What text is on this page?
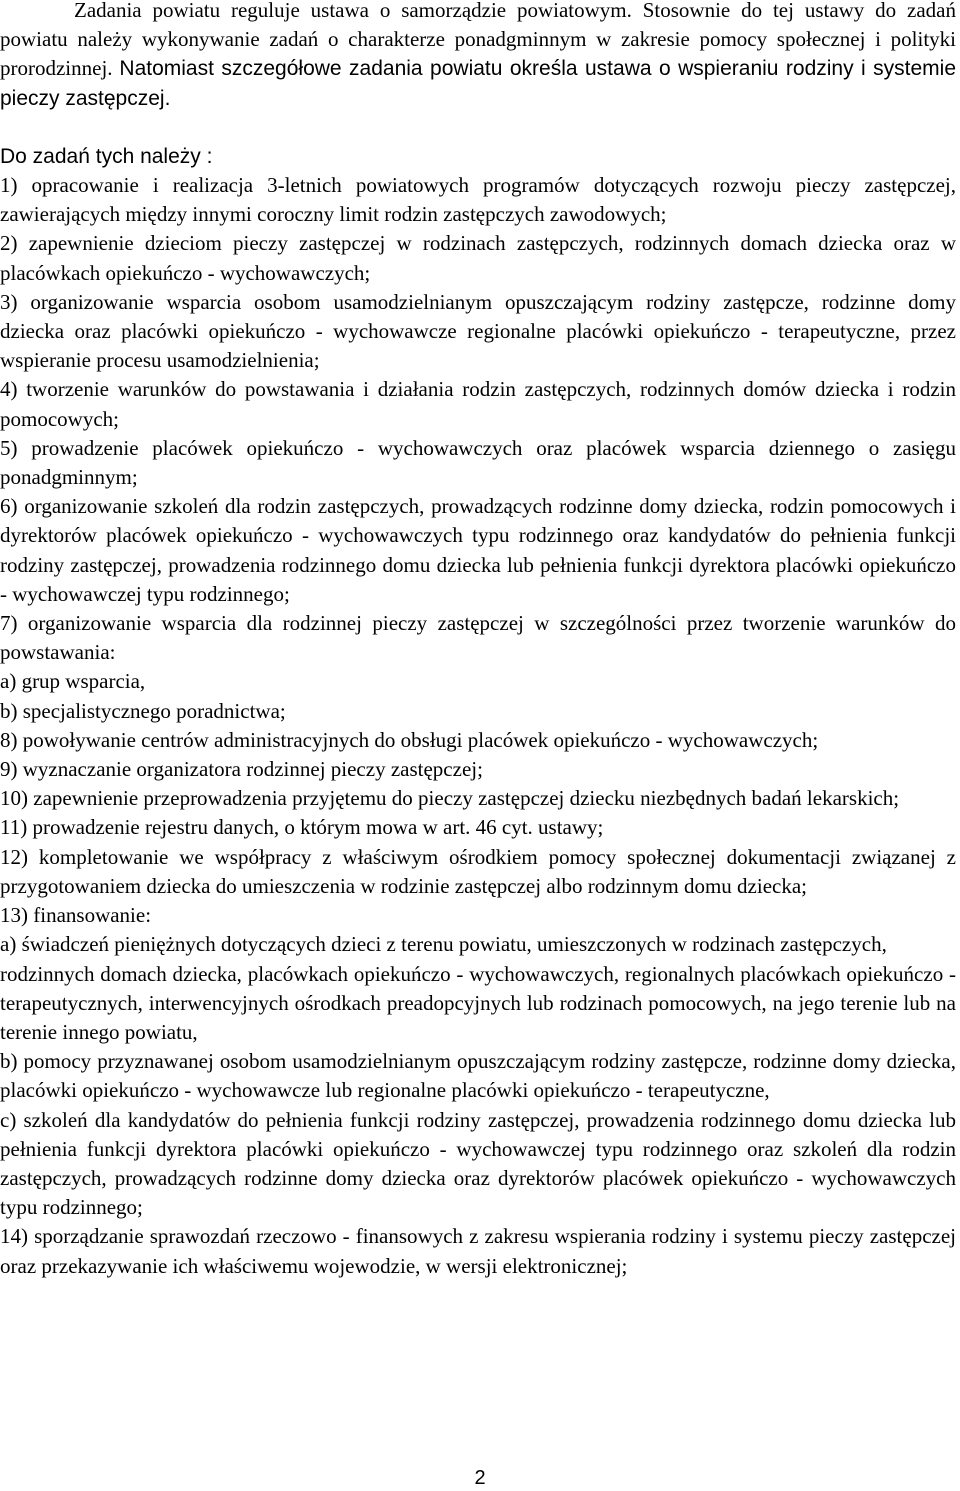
Zadania powiatu reguluje ustawa o samorządzie powiatowym. Stosownie do tej ustawy do zadań powiatu należy wykonywanie zadań o charakterze ponadgminnym w zakresie pomocy społecznej i polityki prorodzinnej. Natomiast szczegółowe zadania powiatu określa ustawa o wspieraniu rodziny i systemie pieczy zastępczej.

Do zadań tych należy :

1) opracowanie i realizacja 3-letnich powiatowych programów dotyczących rozwoju pieczy zastępczej, zawierających między innymi coroczny limit rodzin zastępczych zawodowych;

2) zapewnienie dzieciom pieczy zastępczej w rodzinach zastępczych, rodzinnych domach dziecka oraz w placówkach opiekuńczo - wychowawczych;

3) organizowanie wsparcia osobom usamodzielnianym opuszczającym rodziny zastępcze, rodzinne domy dziecka oraz placówki opiekuńczo - wychowawcze regionalne placówki opiekuńczo - terapeutyczne, przez wspieranie procesu usamodzielnienia;

4) tworzenie warunków do powstawania i działania rodzin zastępczych, rodzinnych domów dziecka i rodzin pomocowych;

5) prowadzenie placówek opiekuńczo - wychowawczych oraz placówek wsparcia dziennego o zasięgu ponadgminnym;

6) organizowanie szkoleń dla rodzin zastępczych, prowadzących rodzinne domy dziecka, rodzin pomocowych i dyrektorów placówek opiekuńczo - wychowawczych typu rodzinnego oraz kandydatów do pełnienia funkcji rodziny zastępczej, prowadzenia rodzinnego domu dziecka lub pełnienia funkcji dyrektora placówki opiekuńczo - wychowawczej typu rodzinnego;

7) organizowanie wsparcia dla rodzinnej pieczy zastępczej w szczególności przez tworzenie warunków do powstawania:

a) grup wsparcia,

b) specjalistycznego poradnictwa;

8) powoływanie centrów administracyjnych do obsługi placówek opiekuńczo - wychowawczych;

9) wyznaczanie organizatora rodzinnej pieczy zastępczej;

10) zapewnienie przeprowadzenia przyjętemu do pieczy zastępczej dziecku niezbędnych badań lekarskich;

11) prowadzenie rejestru danych, o którym mowa w art. 46 cyt. ustawy;

12) kompletowanie we współpracy z właściwym ośrodkiem pomocy społecznej dokumentacji związanej z przygotowaniem dziecka do umieszczenia w rodzinie zastępczej albo rodzinnym domu dziecka;

13) finansowanie:

a) świadczeń pieniężnych dotyczących dzieci z terenu powiatu, umieszczonych w rodzinach zastępczych,

rodzinnych domach dziecka, placówkach opiekuńczo - wychowawczych, regionalnych placówkach opiekuńczo - terapeutycznych, interwencyjnych ośrodkach preadopcyjnych lub rodzinach pomocowych, na jego terenie lub na terenie innego powiatu,

b) pomocy przyznawanej osobom usamodzielnianym opuszczającym rodziny zastępcze, rodzinne domy dziecka, placówki opiekuńczo - wychowawcze lub regionalne placówki opiekuńczo - terapeutyczne,

c) szkoleń dla kandydatów do pełnienia funkcji rodziny zastępczej, prowadzenia rodzinnego domu dziecka lub pełnienia funkcji dyrektora placówki opiekuńczo - wychowawczej typu rodzinnego oraz szkoleń dla rodzin zastępczych, prowadzących rodzinne domy dziecka oraz dyrektorów placówek opiekuńczo - wychowawczych typu rodzinnego;

14) sporządzanie sprawozdań rzeczowo - finansowych z zakresu wspierania rodziny i systemu pieczy zastępczej oraz przekazywanie ich właściwemu wojewodzie, w wersji elektronicznej;

2
